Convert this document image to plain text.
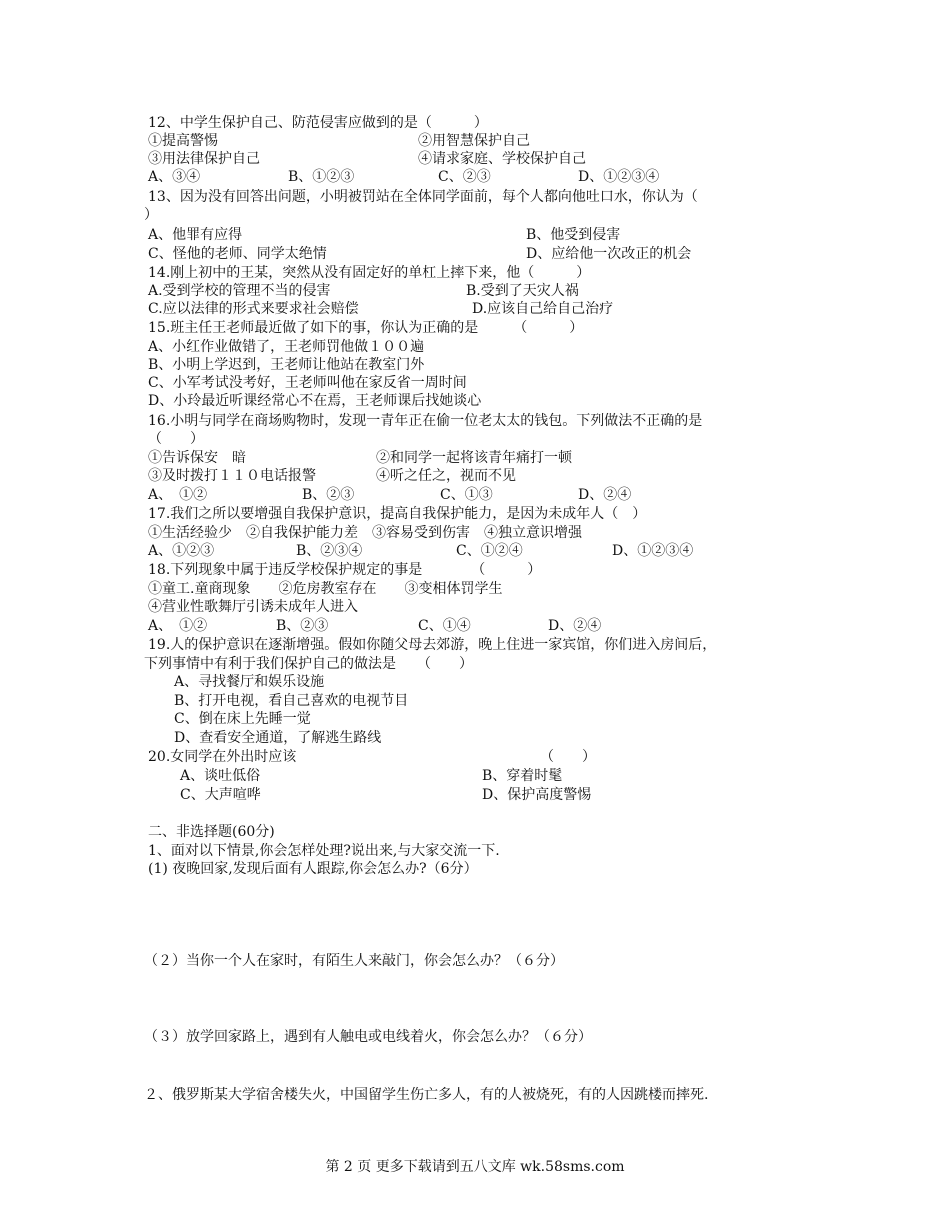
12、中学生保护自己、防范侵害应做到的是（　　　）
①提高警惕	②用智慧保护自己
③用法律保护自己	④请求家庭、学校保护自己
A、③④	B、①②③	C、②③	D、①②③④
13、因为没有回答出问题，小明被罚站在全体同学面前，每个人都向他吐口水，你认为（
）
A、他罪有应得	B、他受到侵害
C、怪他的老师、同学太绝情	D、应给他一次改正的机会
14.刚上初中的王某，突然从没有固定好的单杠上摔下来，他（　　　）
A.受到学校的管理不当的侵害	B.受到了天灾人祸
C.应以法律的形式来要求社会赔偿	D.应该自己给自己治疗
15.班主任王老师最近做了如下的事，你认为正确的是　　　（　　　）
A、小红作业做错了，王老师罚他做１００遍
B、小明上学迟到，王老师让他站在教室门外
C、小军考试没考好，王老师叫他在家反省一周时间
D、小玲最近听课经常心不在焉，王老师课后找她谈心
16.小明与同学在商场购物时，发现一青年正在偷一位老太太的钱包。下列做法不正确的是
（　　）
①告诉保安　暗	②和同学一起将该青年痛打一顿
③及时拨打１１０电话报警	④听之任之，视而不见
A、　①②	B、②③	C、①③	D、②④
17.我们之所以要增强自我保护意识，提高自我保护能力，是因为未成年人（　）
①生活经验少　②自我保护能力差　③容易受到伤害　④独立意识增强
A、①②③	B、②③④	C、①②④	D、①②③④
18.下列现象中属于违反学校保护规定的事是　　　　（　　　）
①童工.童商现象　　②危房教室存在　　③变相体罚学生
④营业性歌舞厅引诱未成年人进入
A、　①②	B、②③	C、①④	D、②④
19.人的保护意识在逐渐增强。假如你随父母去郊游，晚上住进一家宾馆，你们进入房间后，
下列事情中有利于我们保护自己的做法是　　（　　）
A、寻找餐厅和娱乐设施
B、打开电视，看自己喜欢的电视节目
C、倒在床上先睡一觉
D、查看安全通道，了解逃生路线
20.女同学在外出时应该	（　　）
A、谈吐低俗	B、穿着时髦
C、大声喧哗	D、保护高度警惕
二、非选择题(60分)
1、面对以下情景,你会怎样处理?说出来,与大家交流一下.
(1) 夜晚回家,发现后面有人跟踪,你会怎么办?（6分）
（２）当你一个人在家时，有陌生人来敲门，你会怎么办？（６分）
（３）放学回家路上，遇到有人触电或电线着火，你会怎么办？（６分）
２、俄罗斯某大学宿舍楼失火，中国留学生伤亡多人，有的人被烧死，有的人因跳楼而摔死.
第 2 页 更多下载请到五八文库 wk.58sms.com
